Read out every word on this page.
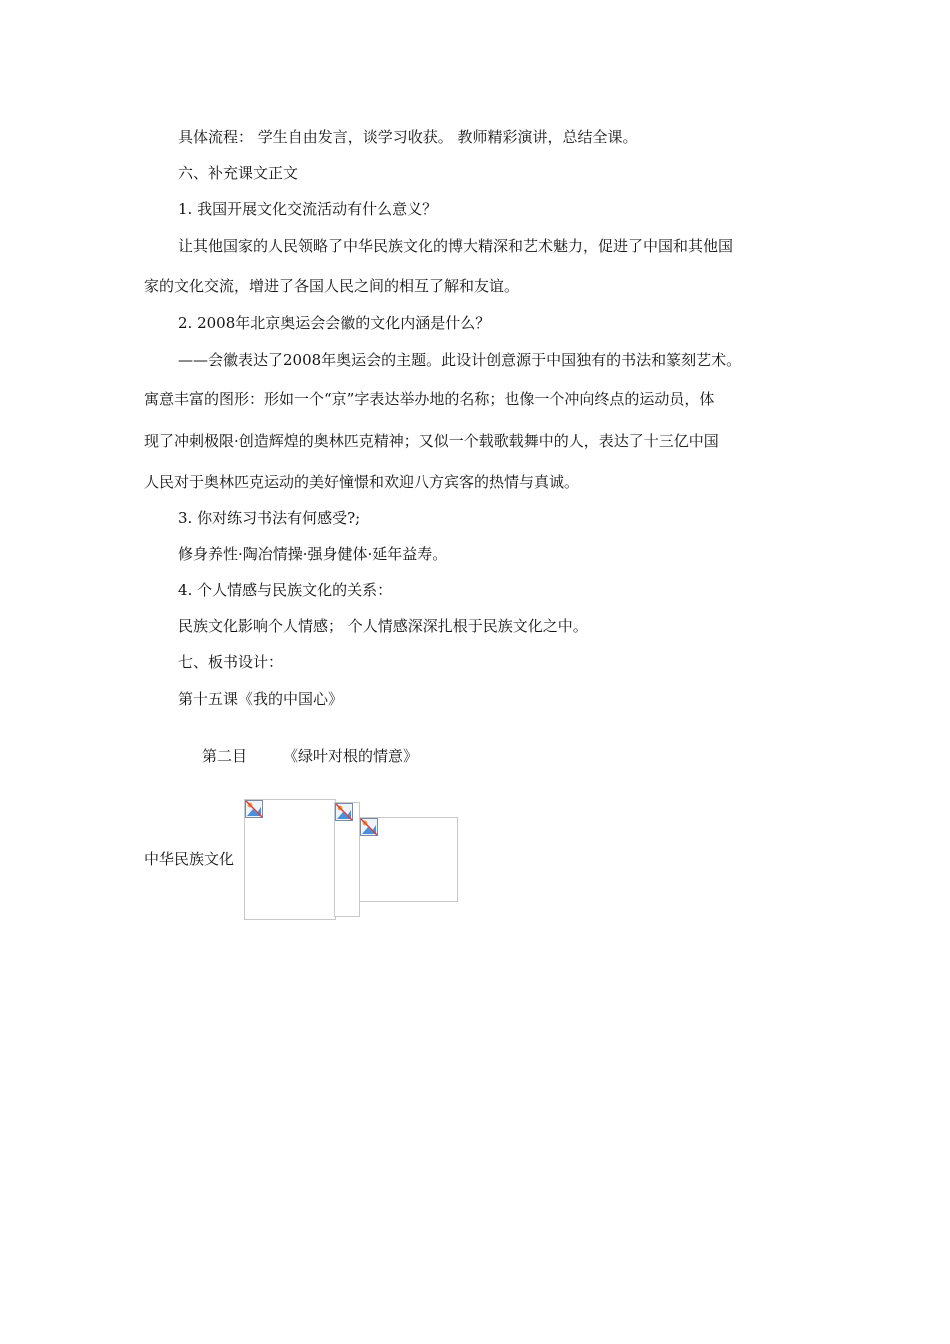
具体流程： 学生自由发言，谈学习收获。 教师精彩演讲，总结全课。
六、补充课文正文
1. 我国开展文化交流活动有什么意义？
让其他国家的人民领略了中华民族文化的博大精深和艺术魅力，促进了中国和其他国
家的文化交流，增进了各国人民之间的相互了解和友谊。
2. 2008年北京奥运会会徽的文化内涵是什么？
——会徽表达了2008年奥运会的主题。此设计创意源于中国独有的书法和篆刻艺术。
寓意丰富的图形：形如一个“京”字表达举办地的名称；也像一个冲向终点的运动员，体
现了冲刺极限·创造辉煌的奥林匹克精神；又似一个载歌载舞中的人，表达了十三亿中国
人民对于奥林匹克运动的美好憧憬和欢迎八方宾客的热情与真诚。
3. 你对练习书法有何感受?;
修身养性·陶冶情操·强身健体·延年益寿。
4. 个人情感与民族文化的关系：
民族文化影响个人情感； 个人情感深深扎根于民族文化之中。
七、板书设计：
第十五课《我的中国心》
第二目 《绿叶对根的情意》
中华民族文化
